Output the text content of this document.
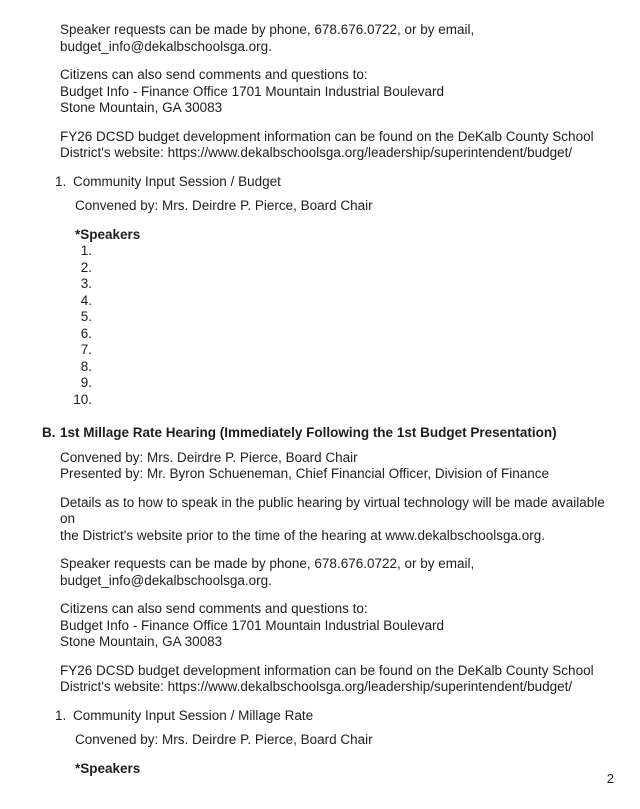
Speaker requests can be made by phone, 678.676.0722, or by email,
budget_info@dekalbschoolsga.org.

Citizens can also send comments and questions to:
Budget Info - Finance Office 1701 Mountain Industrial Boulevard
Stone Mountain, GA 30083

FY26 DCSD budget development information can be found on the DeKalb County School
District's website: https://www.dekalbschoolsga.org/leadership/superintendent/budget/

1. Community Input Session / Budget

Convened by: Mrs. Deirdre P. Pierce, Board Chair

*Speakers
1.
2.
3.
4.
5.
6.
7.
8.
9.
10.
B. 1st Millage Rate Hearing (Immediately Following the 1st Budget Presentation)

Convened by: Mrs. Deirdre P. Pierce, Board Chair
Presented by: Mr. Byron Schueneman, Chief Financial Officer, Division of Finance

Details as to how to speak in the public hearing by virtual technology will be made available on
the District's website prior to the time of the hearing at www.dekalbschoolsga.org.

Speaker requests can be made by phone, 678.676.0722, or by email,
budget_info@dekalbschoolsga.org.

Citizens can also send comments and questions to:
Budget Info - Finance Office 1701 Mountain Industrial Boulevard
Stone Mountain, GA 30083

FY26 DCSD budget development information can be found on the DeKalb County School
District's website: https://www.dekalbschoolsga.org/leadership/superintendent/budget/

1. Community Input Session / Millage Rate

Convened by: Mrs. Deirdre P. Pierce, Board Chair

*Speakers
2
